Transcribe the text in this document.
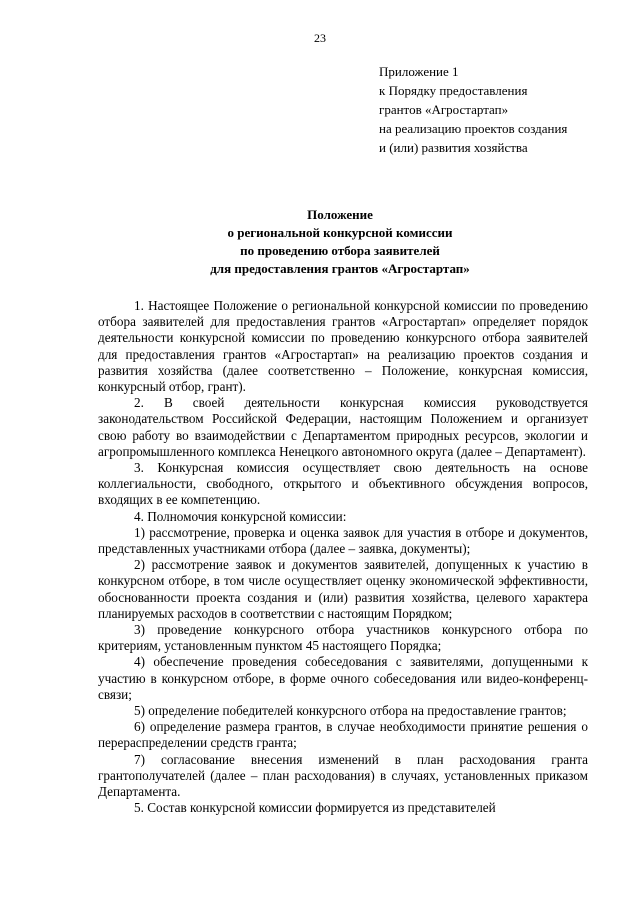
23
Приложение 1
к Порядку предоставления
грантов «Агростартап»
на реализацию проектов создания
и (или) развития хозяйства
Положение
о региональной конкурсной комиссии
по проведению отбора заявителей
для предоставления грантов «Агростартап»

1. Настоящее Положение о региональной конкурсной комиссии по проведению отбора заявителей для предоставления грантов «Агростартап» определяет порядок деятельности конкурсной комиссии по проведению конкурсного отбора заявителей для предоставления грантов «Агростартап» на реализацию проектов создания и развития хозяйства (далее соответственно – Положение, конкурсная комиссия, конкурсный отбор, грант).

2. В своей деятельности конкурсная комиссия руководствуется законодательством Российской Федерации, настоящим Положением и организует свою работу во взаимодействии с Департаментом природных ресурсов, экологии и агропромышленного комплекса Ненецкого автономного округа (далее – Департамент).

3. Конкурсная комиссия осуществляет свою деятельность на основе коллегиальности, свободного, открытого и объективного обсуждения вопросов, входящих в ее компетенцию.

4. Полномочия конкурсной комиссии:

1) рассмотрение, проверка и оценка заявок для участия в отборе и документов, представленных участниками отбора (далее – заявка, документы);

2) рассмотрение заявок и документов заявителей, допущенных к участию в конкурсном отборе, в том числе осуществляет оценку экономической эффективности, обоснованности проекта создания и (или) развития хозяйства, целевого характера планируемых расходов в соответствии с настоящим Порядком;

3) проведение конкурсного отбора участников конкурсного отбора по критериям, установленным пунктом 45 настоящего Порядка;

4) обеспечение проведения собеседования с заявителями, допущенными к участию в конкурсном отборе, в форме очного собеседования или видео-конференц-связи;

5) определение победителей конкурсного отбора на предоставление грантов;

6) определение размера грантов, в случае необходимости принятие решения о перераспределении средств гранта;

7) согласование внесения изменений в план расходования гранта грантополучателей (далее – план расходования) в случаях, установленных приказом Департамента.

5. Состав конкурсной комиссии формируется из представителей
